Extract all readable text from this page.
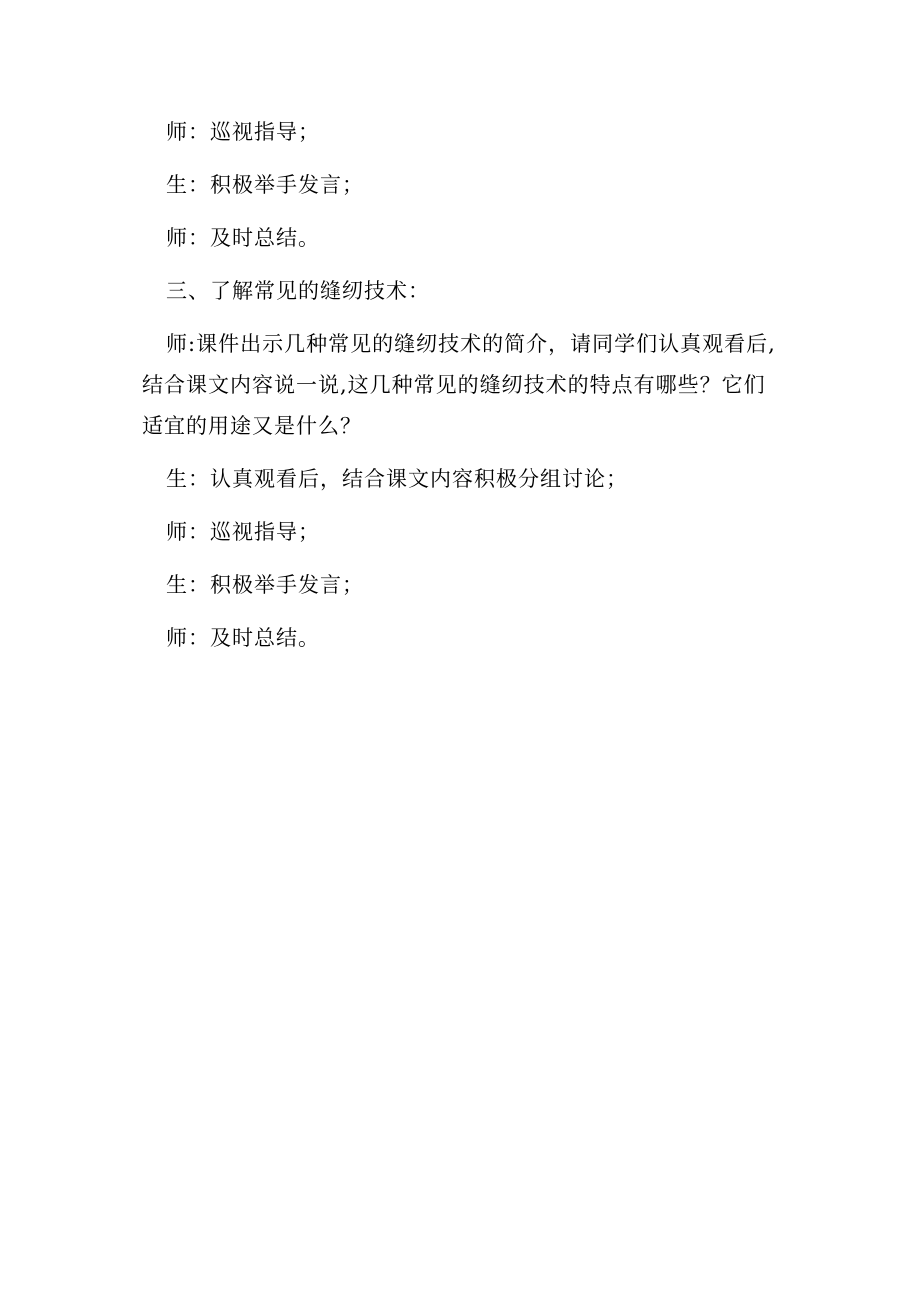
师：巡视指导；

生：积极举手发言；

师：及时总结。

三、了解常见的缝纫技术：

师:课件出示几种常见的缝纫技术的简介，请同学们认真观看后,结合课文内容说一说,这几种常见的缝纫技术的特点有哪些？它们适宜的用途又是什么？

生：认真观看后，结合课文内容积极分组讨论；

师：巡视指导；

生：积极举手发言；

师：及时总结。
